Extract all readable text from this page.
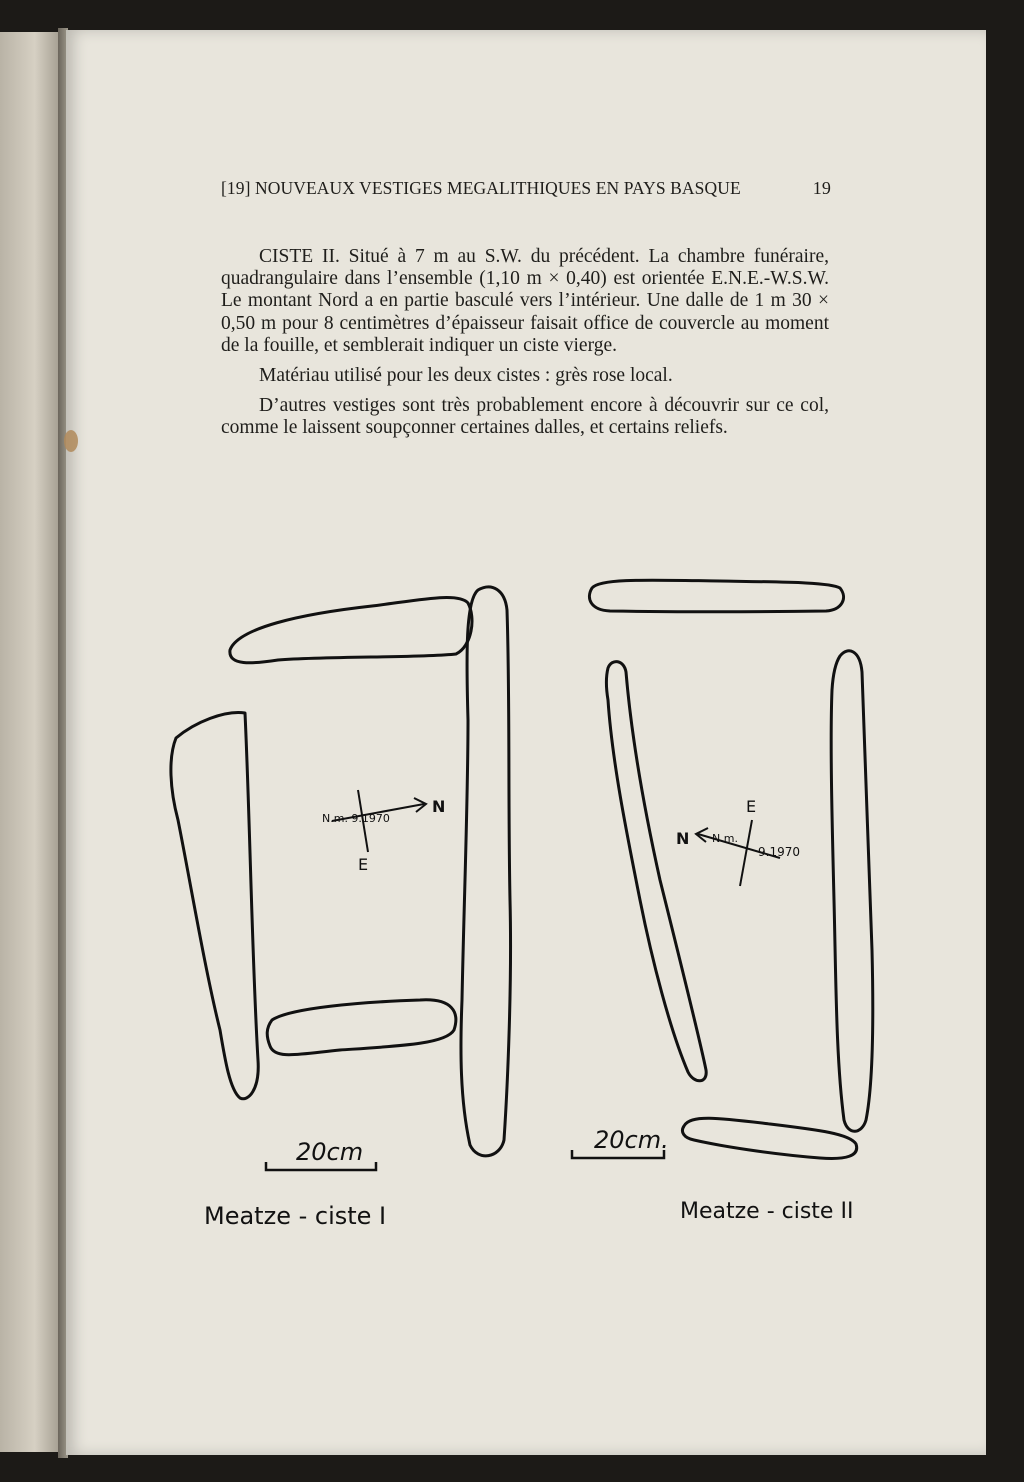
[19] NOUVEAUX VESTIGES MEGALITHIQUES EN PAYS BASQUE	19

CISTE II. Situé à 7 m au S.W. du précédent. La chambre funéraire, quadrangulaire dans l’ensemble (1,10 m × 0,40) est orientée E.N.E.-W.S.W. Le montant Nord a en partie basculé vers l’intérieur. Une dalle de 1 m 30 × 0,50 m pour 8 centimètres d’épaisseur faisait office de couvercle au moment de la fouille, et semblerait indiquer un ciste vierge.

Matériau utilisé pour les deux cistes : grès rose local.

D’autres vestiges sont très probablement encore à découvrir sur ce col, comme le laissent soupçonner certaines dalles, et certains reliefs.

N.m. 9.1970
N
E
N.m.
9.1970
N
E
20cm	20cm.
Meatze - ciste I	Meatze - ciste II
